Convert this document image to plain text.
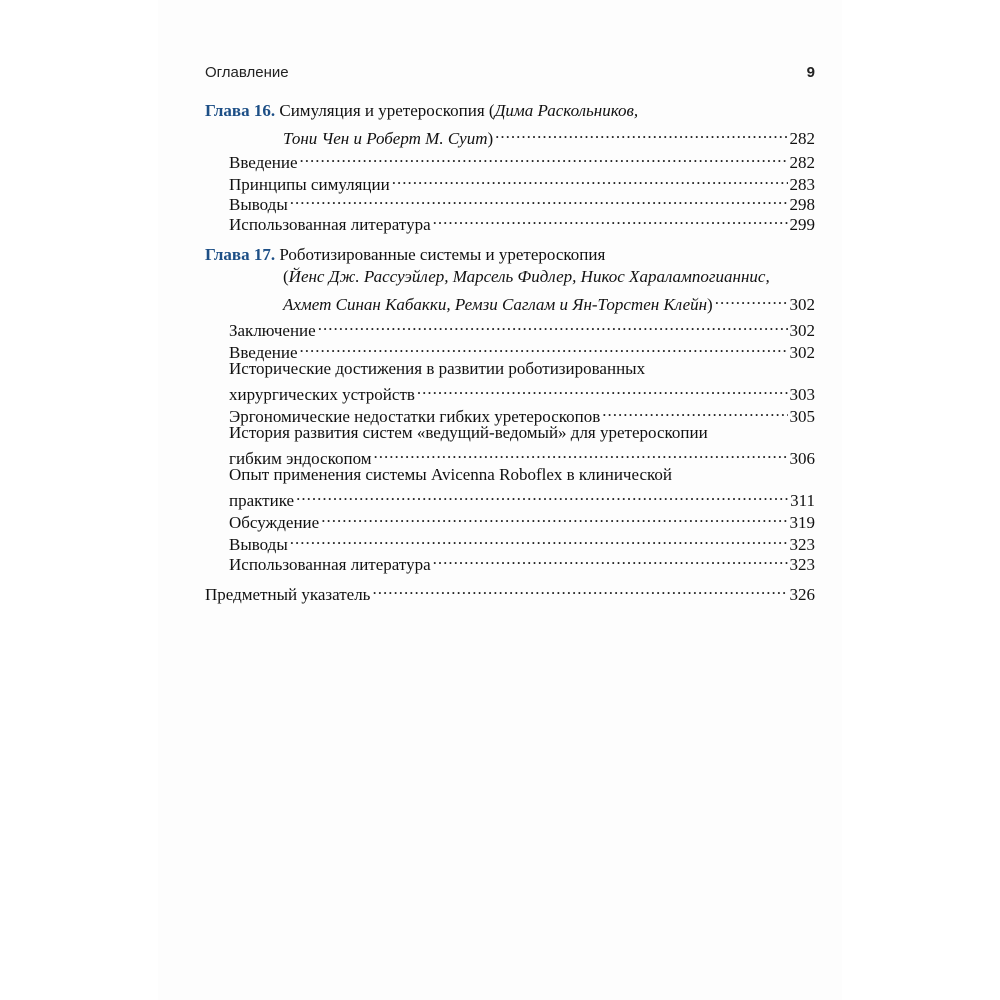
Оглавление	9
Глава 16. Симуляция и уретероскопия (Дима Раскольников,
Тони Чен и Роберт М. Суит) .....	282
Введение .....	282
Принципы симуляции .....	283
Выводы .....	298
Использованная литература .....	299
Глава 17. Роботизированные системы и уретероскопия
(Йенс Дж. Рассуэйлер, Марсель Фидлер, Никос Харалампогианнис,
Ахмет Синан Кабакки, Ремзи Саглам и Ян-Торстен Клейн) .....	302
Заключение .....	302
Введение .....	302
Исторические достижения в развитии роботизированных
хирургических устройств .....	303
Эргономические недостатки гибких уретероскопов .....	305
История развития систем «ведущий-ведомый» для уретероскопии
гибким эндоскопом .....	306
Опыт применения системы Avicenna Roboflex в клинической
практике .....	311
Обсуждение .....	319
Выводы .....	323
Использованная литература .....	323
Предметный указатель .....	326
